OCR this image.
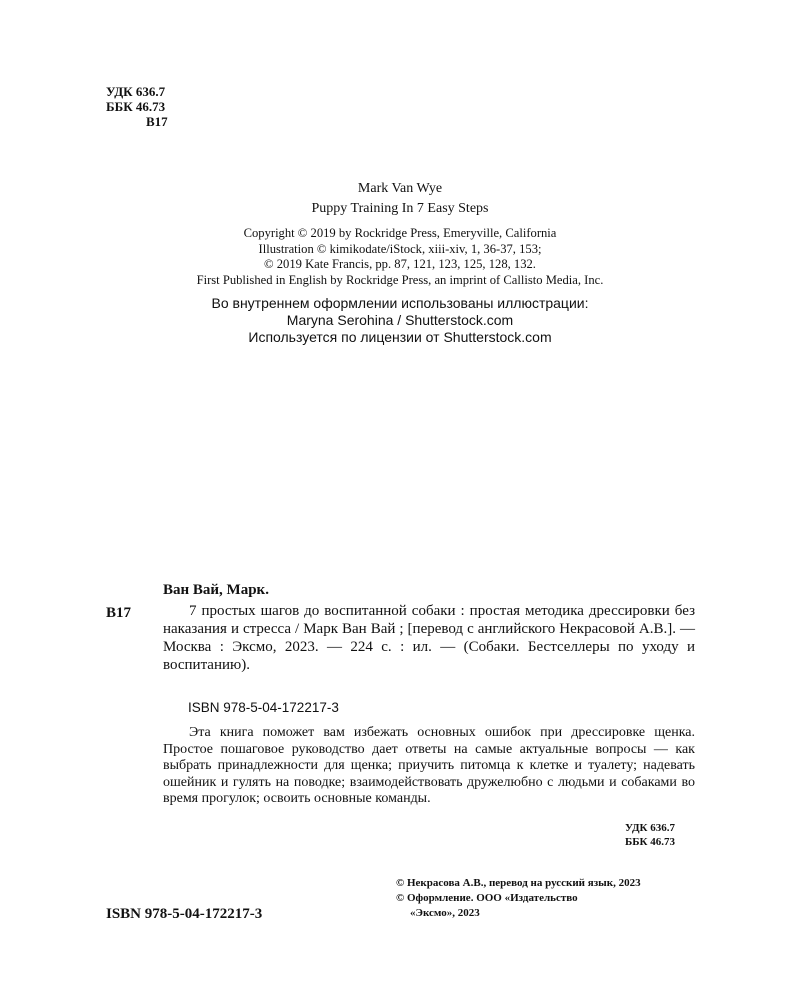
УДК 636.7
ББК 46.73
В17
Mark Van Wye
Puppy Training In 7 Easy Steps
Copyright © 2019 by Rockridge Press, Emeryville, California
Illustration © kimikodate/iStock, xiii-xiv, 1, 36-37, 153;
© 2019 Kate Francis, pp. 87, 121, 123, 125, 128, 132.
First Published in English by Rockridge Press, an imprint of Callisto Media, Inc.
Во внутреннем оформлении использованы иллюстрации:
Maryna Serohina / Shutterstock.com
Используется по лицензии от Shutterstock.com
Ван Вай, Марк.
В17	7 простых шагов до воспитанной собаки : простая методика дрессировки без наказания и стресса / Марк Ван Вай ; [перевод с английского Некрасовой А.В.]. — Москва : Эксмо, 2023. — 224 с. : ил. — (Собаки. Бестселлеры по уходу и воспитанию).
ISBN 978-5-04-172217-3
Эта книга поможет вам избежать основных ошибок при дрессировке щенка. Простое пошаговое руководство дает ответы на самые актуальные вопросы — как выбрать принадлежности для щенка; приучить питомца к клетке и туалету; надевать ошейник и гулять на поводке; взаимодействовать дружелюбно с людьми и собаками во время прогулок; освоить основные команды.
УДК 636.7
ББК 46.73
© Некрасова А.В., перевод на русский язык, 2023
© Оформление. ООО «Издательство
«Эксмо», 2023
ISBN 978-5-04-172217-3
